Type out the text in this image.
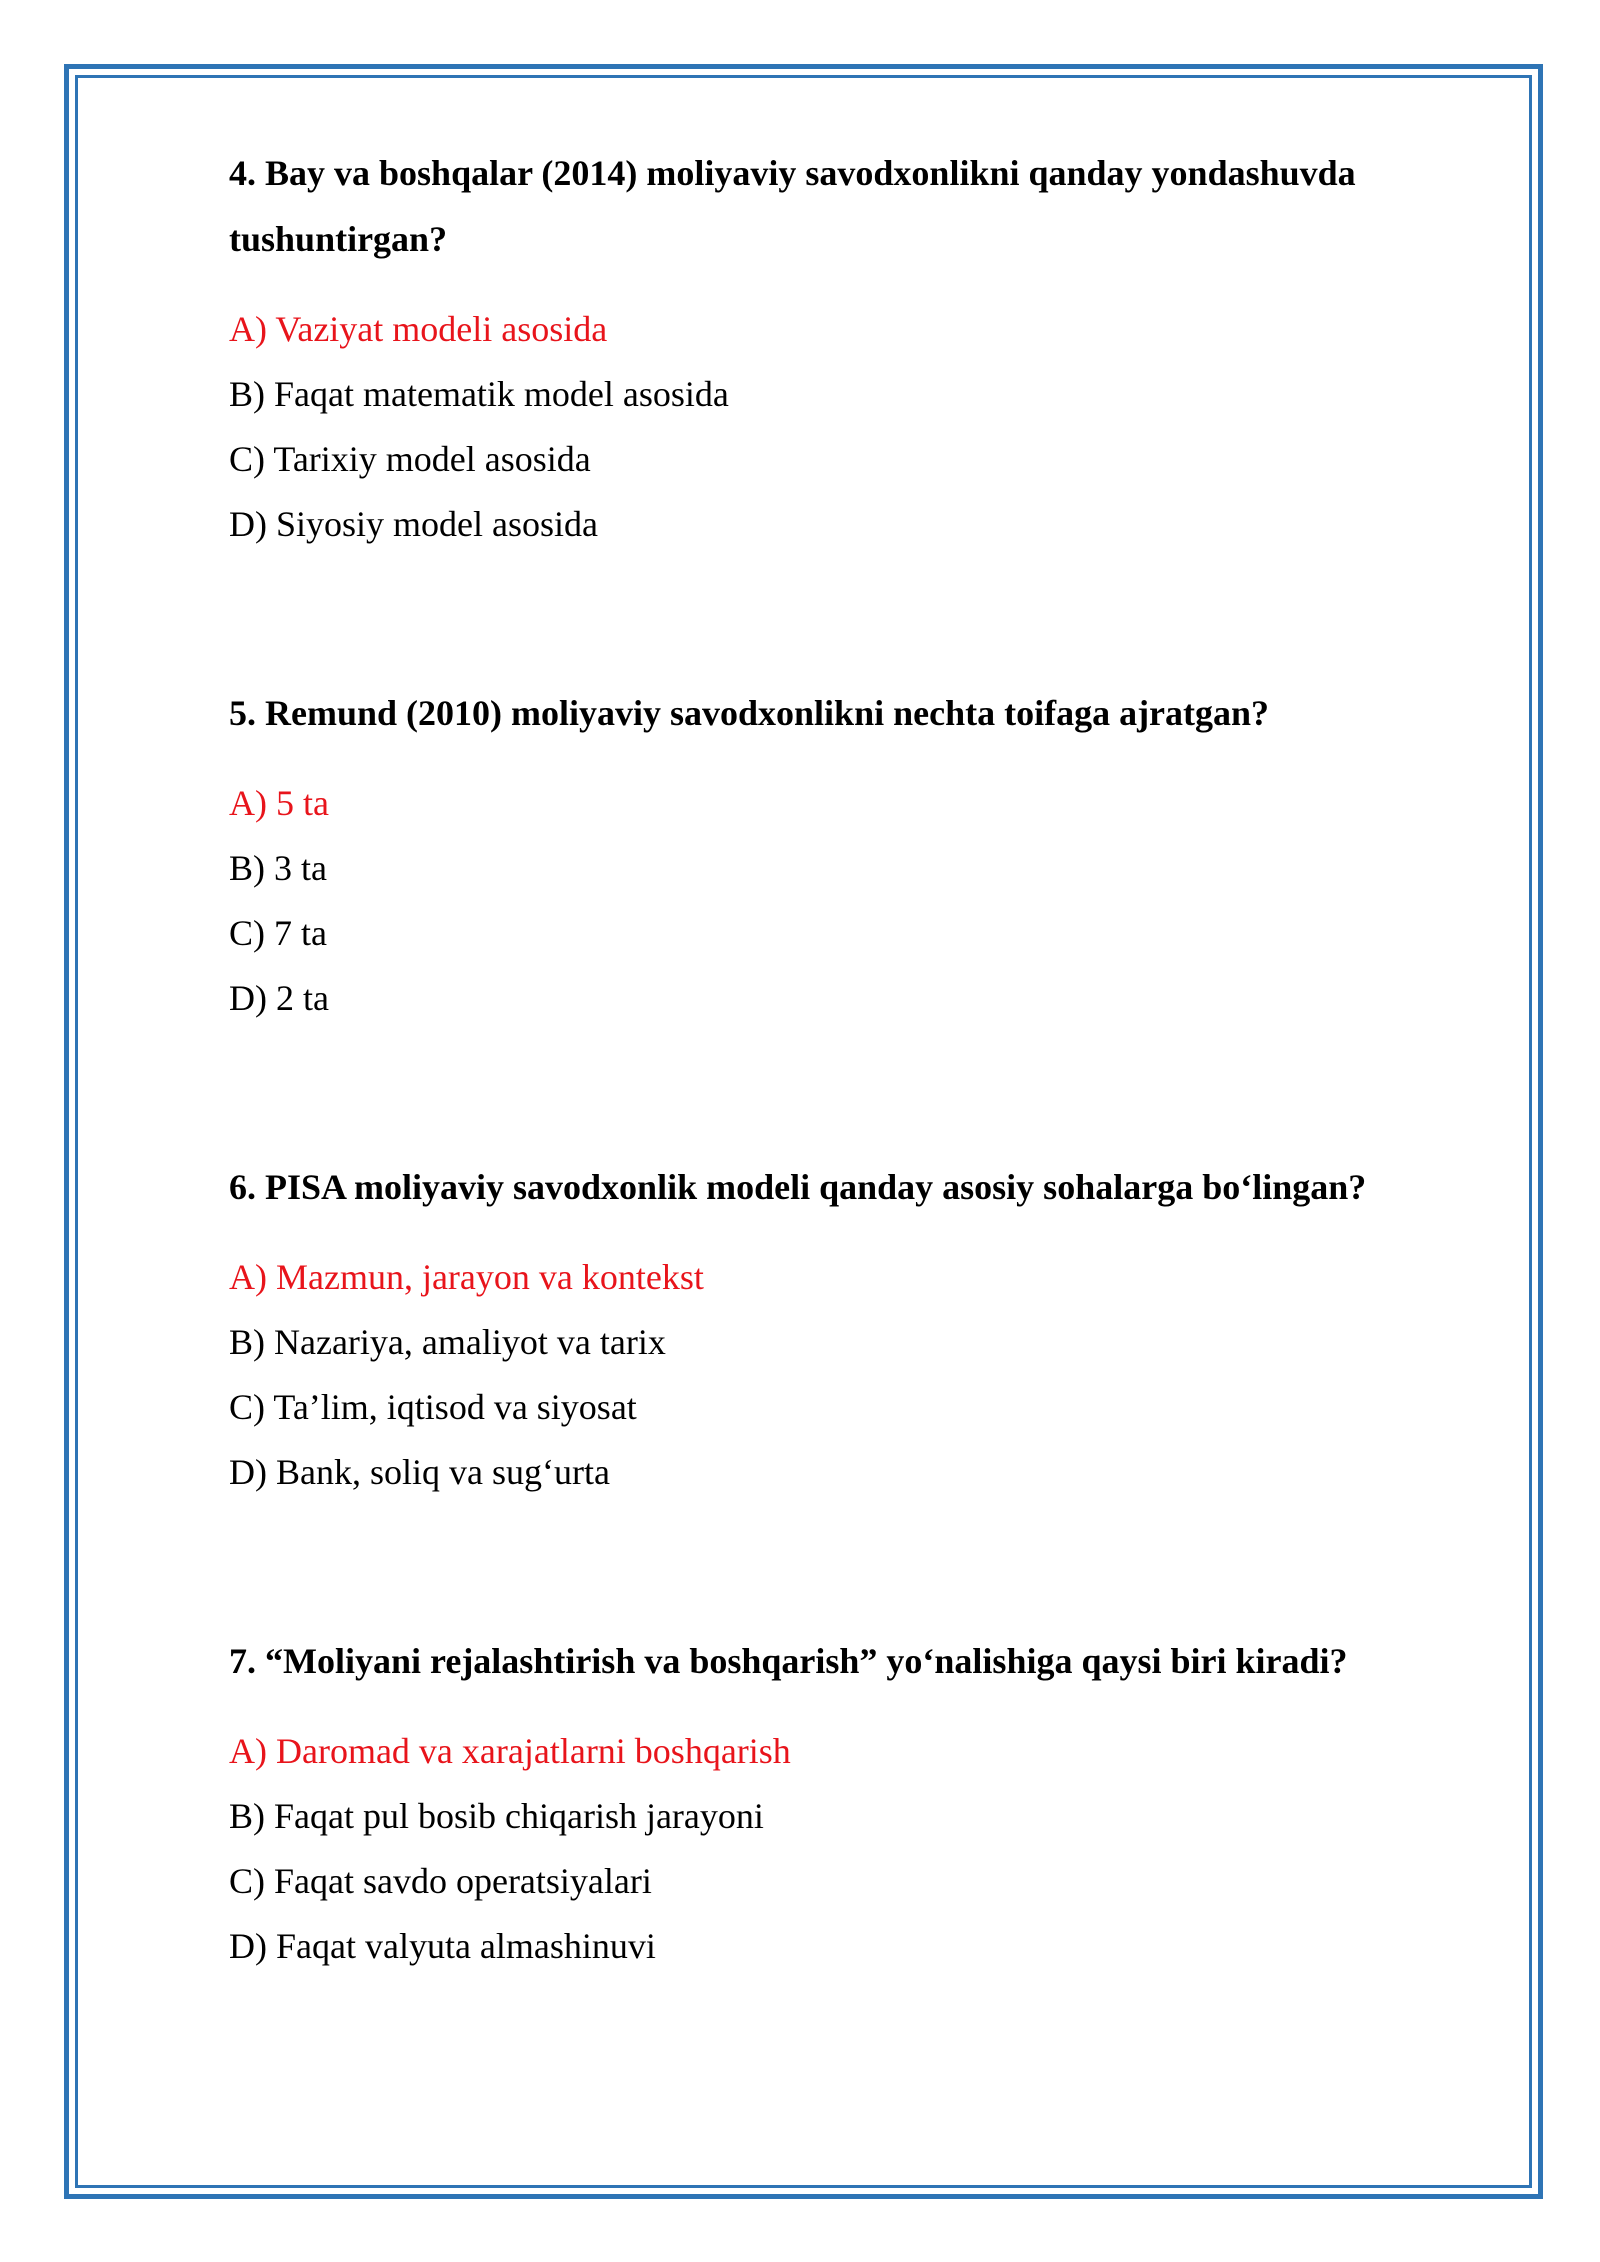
4. Bay va boshqalar (2014) moliyaviy savodxonlikni qanday yondashuvda tushuntirgan?

A) Vaziyat modeli asosida
B) Faqat matematik model asosida
C) Tarixiy model asosida
D) Siyosiy model asosida

5. Remund (2010) moliyaviy savodxonlikni nechta toifaga ajratgan?

A) 5 ta
B) 3 ta
C) 7 ta
D) 2 ta

6. PISA moliyaviy savodxonlik modeli qanday asosiy sohalarga bo‘lingan?

A) Mazmun, jarayon va kontekst
B) Nazariya, amaliyot va tarix
C) Ta’lim, iqtisod va siyosat
D) Bank, soliq va sug‘urta

7. “Moliyani rejalashtirish va boshqarish” yo‘nalishiga qaysi biri kiradi?

A) Daromad va xarajatlarni boshqarish
B) Faqat pul bosib chiqarish jarayoni
C) Faqat savdo operatsiyalari
D) Faqat valyuta almashinuvi
